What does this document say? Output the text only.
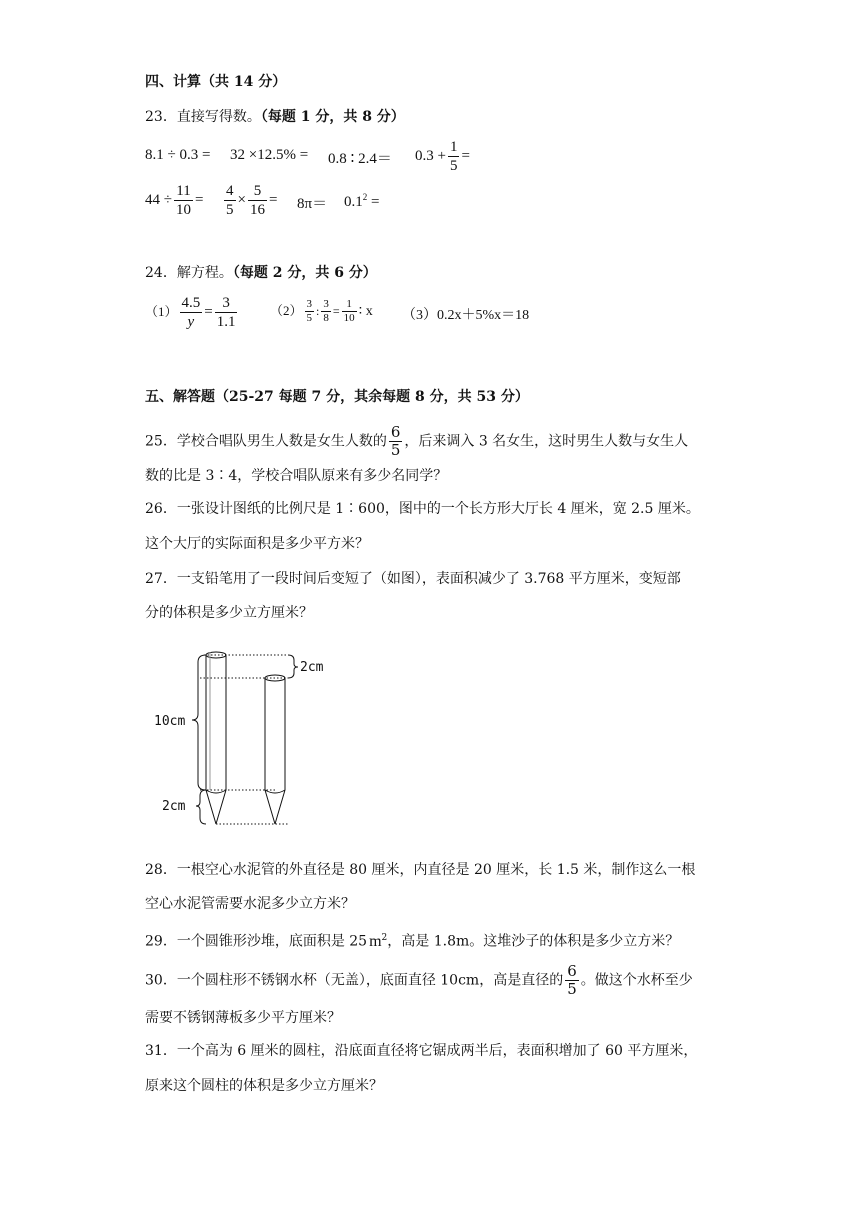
四、计算（共 14 分）
23．直接写得数。（每题 1 分，共 8 分）
8.1 ÷ 0.3 = 32 ×12.5% = 0.8 ∶ $2.4= 0.3 + \frac{1}{5}$ =
$44 \div \frac{11}{10} = \frac{4}{5} \times \frac{5}{16} = 8\pi= 0.1^2$ =
24．解方程。（每题 2 分，共 6 分）
$(1) \frac{4.5}{y} = \frac{3}{1.1}$	$(2) \frac{3}{5}$ : $\frac{3}{8} = \frac{1}{10}$ ∶ x （3）0.2x＋5%x＝18
五、解答题（25-27 每题 7 分，其余每题 8 分，共 53 分）
25．学校合唱队男生人数是女生人数的 $\frac{6}{5}$ ，后来调入 3 名女生，这时男生人数与女生人
数的比是 3∶4，学校合唱队原来有多少名同学？
26．一张设计图纸的比例尺是 1∶600，图中的一个长方形大厅长 4 厘米，宽 2.5 厘米。
这个大厅的实际面积是多少平方米？
27．一支铅笔用了一段时间后变短了（如图），表面积减少了 3.768 平方厘米，变短部
分的体积是多少立方厘米？
2cm
10cm
2cm
28．一根空心水泥管的外直径是 80 厘米，内直径是 20 厘米，长 1.5 米，制作这么一根
空心水泥管需要水泥多少立方米？
29．一个圆锥形沙堆，底面积是 25 $m^2$，高是 1.8m。这堆沙子的体积是多少立方米？
30．一个圆柱形不锈钢水杯（无盖），底面直径 10cm，高是直径的 $\frac{6}{5}$ 。做这个水杯至少
需要不锈钢薄板多少平方厘米？
31．一个高为 6 厘米的圆柱，沿底面直径将它锯成两半后，表面积增加了 60 平方厘米，
原来这个圆柱的体积是多少立方厘米？
